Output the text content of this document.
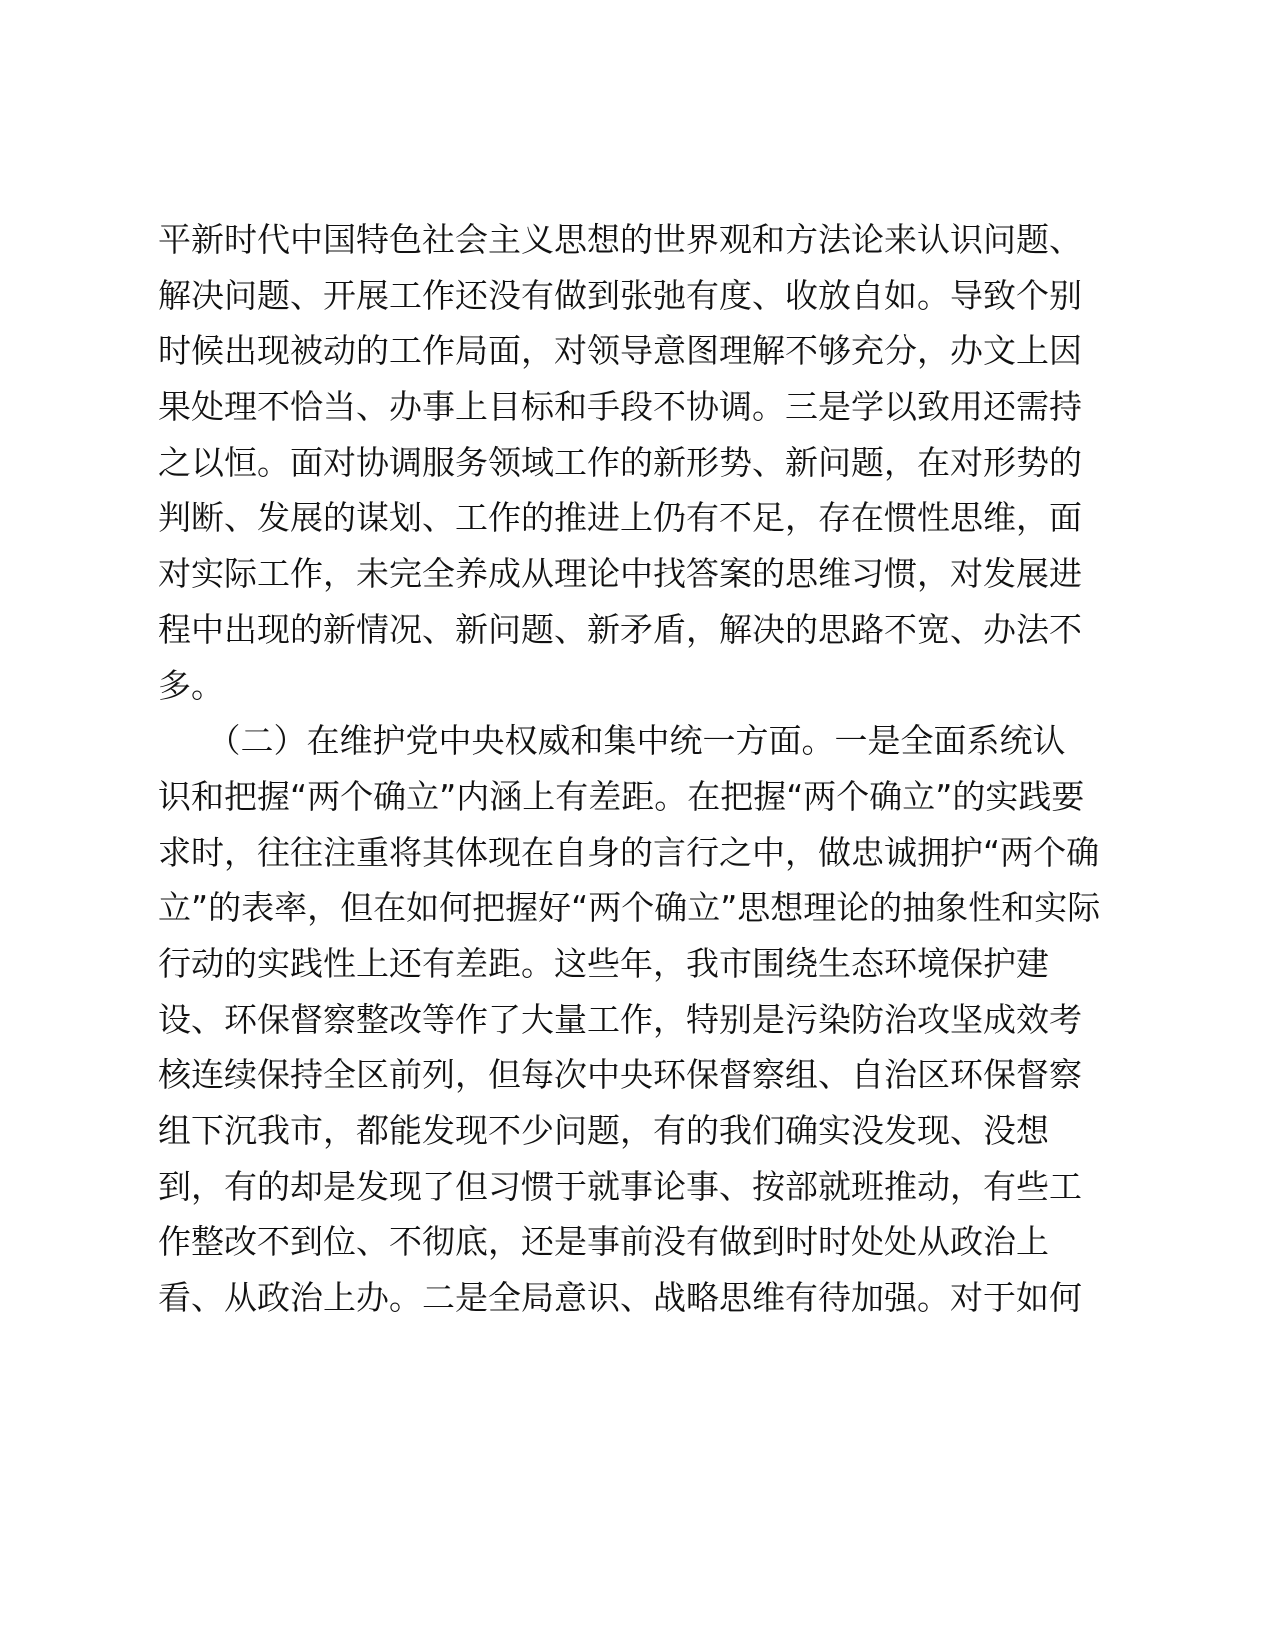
平新时代中国特色社会主义思想的世界观和方法论来认识问题、
解决问题、开展工作还没有做到张弛有度、收放自如。导致个别
时候出现被动的工作局面，对领导意图理解不够充分，办文上因
果处理不恰当、办事上目标和手段不协调。三是学以致用还需持
之以恒。面对协调服务领域工作的新形势、新问题，在对形势的
判断、发展的谋划、工作的推进上仍有不足，存在惯性思维，面
对实际工作，未完全养成从理论中找答案的思维习惯，对发展进
程中出现的新情况、新问题、新矛盾，解决的思路不宽、办法不
多。
　　（二）在维护党中央权威和集中统一方面。一是全面系统认
识和把握“两个确立”内涵上有差距。在把握“两个确立”的实践要
求时，往往注重将其体现在自身的言行之中，做忠诚拥护“两个确
立”的表率，但在如何把握好“两个确立”思想理论的抽象性和实际
行动的实践性上还有差距。这些年，我市围绕生态环境保护建
设、环保督察整改等作了大量工作，特别是污染防治攻坚成效考
核连续保持全区前列，但每次中央环保督察组、自治区环保督察
组下沉我市，都能发现不少问题，有的我们确实没发现、没想
到，有的却是发现了但习惯于就事论事、按部就班推动，有些工
作整改不到位、不彻底，还是事前没有做到时时处处从政治上
看、从政治上办。二是全局意识、战略思维有待加强。对于如何
